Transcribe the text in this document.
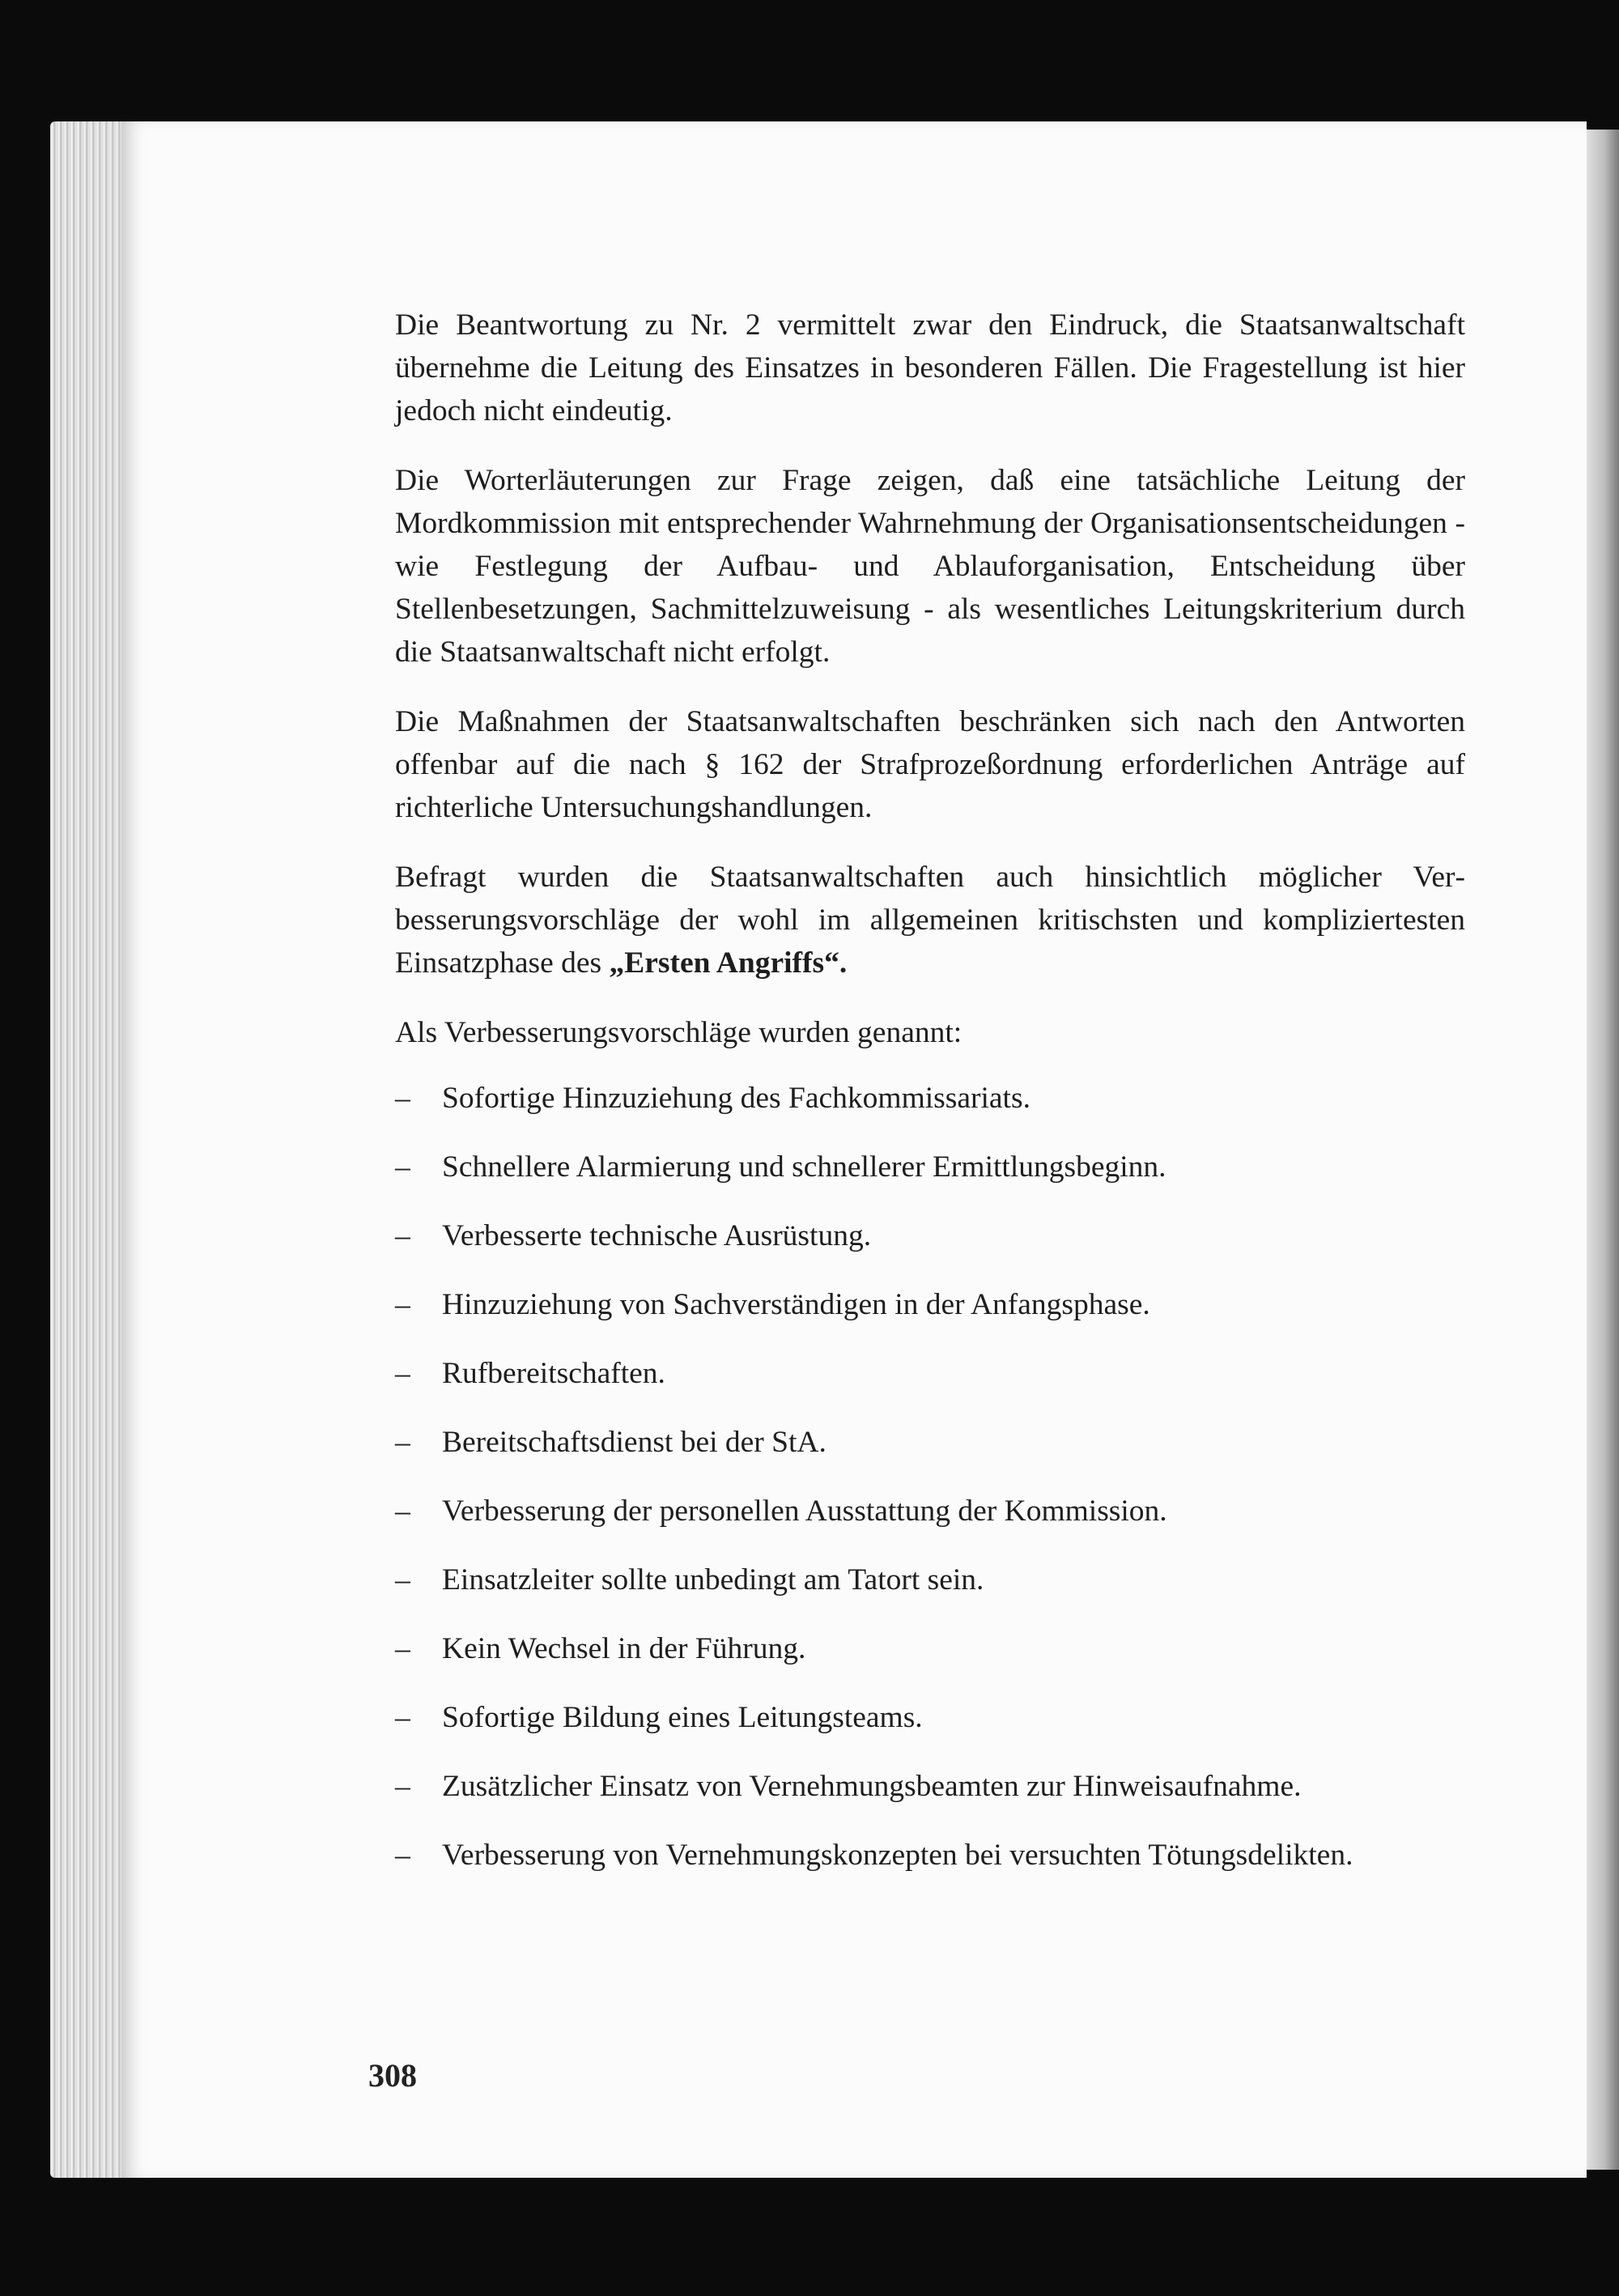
Die Beantwortung zu Nr. 2 vermittelt zwar den Eindruck, die Staatsanwaltschaft übernehme die Leitung des Einsatzes in besonderen Fällen. Die Fragestellung ist hier jedoch nicht eindeutig.

Die Worterläuterungen zur Frage zeigen, daß eine tatsächliche Leitung der Mordkommission mit entsprechender Wahrnehmung der Organisationsentscheidungen - wie Festlegung der Aufbau- und Ablauforganisation, Entscheidung über Stellenbesetzungen, Sachmittelzuweisung - als wesentliches Leitungskriterium durch die Staatsanwaltschaft nicht erfolgt.

Die Maßnahmen der Staatsanwaltschaften beschränken sich nach den Antworten offenbar auf die nach § 162 der Strafprozeßordnung erforderlichen Anträge auf richterliche Untersuchungshandlungen.

Befragt wurden die Staatsanwaltschaften auch hinsichtlich möglicher Verbesserungsvorschläge der wohl im allgemeinen kritischsten und kompliziertesten Einsatzphase des „Ersten Angriffs“.

Als Verbesserungsvorschläge wurden genannt:

– Sofortige Hinzuziehung des Fachkommissariats.
– Schnellere Alarmierung und schnellerer Ermittlungsbeginn.
– Verbesserte technische Ausrüstung.
– Hinzuziehung von Sachverständigen in der Anfangsphase.
– Rufbereitschaften.
– Bereitschaftsdienst bei der StA.
– Verbesserung der personellen Ausstattung der Kommission.
– Einsatzleiter sollte unbedingt am Tatort sein.
– Kein Wechsel in der Führung.
– Sofortige Bildung eines Leitungsteams.
– Zusätzlicher Einsatz von Vernehmungsbeamten zur Hinweisaufnahme.
– Verbesserung von Vernehmungskonzepten bei versuchten Tötungsdelikten.
308
